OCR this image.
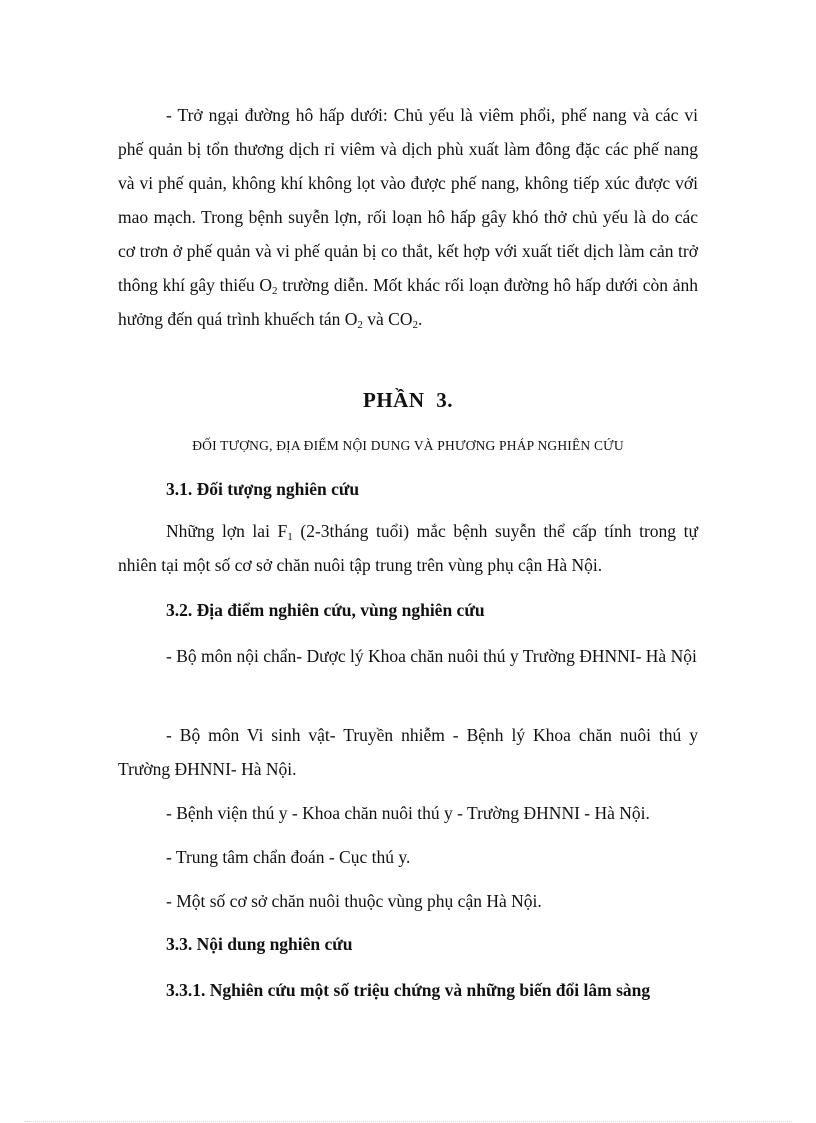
- Trở ngại đường hô hấp dưới: Chủ yếu là viêm phổi, phế nang và các vi phế quản bị tổn thương dịch rỉ viêm và dịch phù xuất làm đông đặc các phế nang và vi phế quản, không khí không lọt vào được phế nang, không tiếp xúc được với mao mạch. Trong bệnh suyễn lợn, rối loạn hô hấp gây khó thở chủ yếu là do các cơ trơn ở phế quản và vi phế quản bị co thắt, kết hợp với xuất tiết dịch làm cản trở thông khí gây thiếu $O_2$ trường diễn. Mốt khác rối loạn đường hô hấp dưới còn ảnh hưởng đến quá trình khuếch tán $O_2$ và $CO_2$.

PHẦN 3.
ĐỐI TƯỢNG, ĐỊA ĐIỂM NỘI DUNG VÀ PHƯƠNG PHÁP NGHIÊN CỨU
3.1. Đối tượng nghiên cứu

Những lợn lai $F_1$ (2-3tháng tuổi) mắc bệnh suyễn thể cấp tính trong tự nhiên tại một số cơ sở chăn nuôi tập trung trên vùng phụ cận Hà Nội.

3.2. Địa điểm nghiên cứu, vùng nghiên cứu

- Bộ môn nội chẩn- Dược lý Khoa chăn nuôi thú y Trường ĐHNNI- Hà Nội

- Bộ môn Vi sinh vật- Truyền nhiễm - Bệnh lý Khoa chăn nuôi thú y Trường ĐHNNI- Hà Nội.

- Bệnh viện thú y - Khoa chăn nuôi thú y - Trường ĐHNNI - Hà Nội.

- Trung tâm chẩn đoán - Cục thú y.

- Một số cơ sở chăn nuôi thuộc vùng phụ cận Hà Nội.

3.3. Nội dung nghiên cứu
3.3.1. Nghiên cứu một số triệu chứng và những biến đổi lâm sàng
